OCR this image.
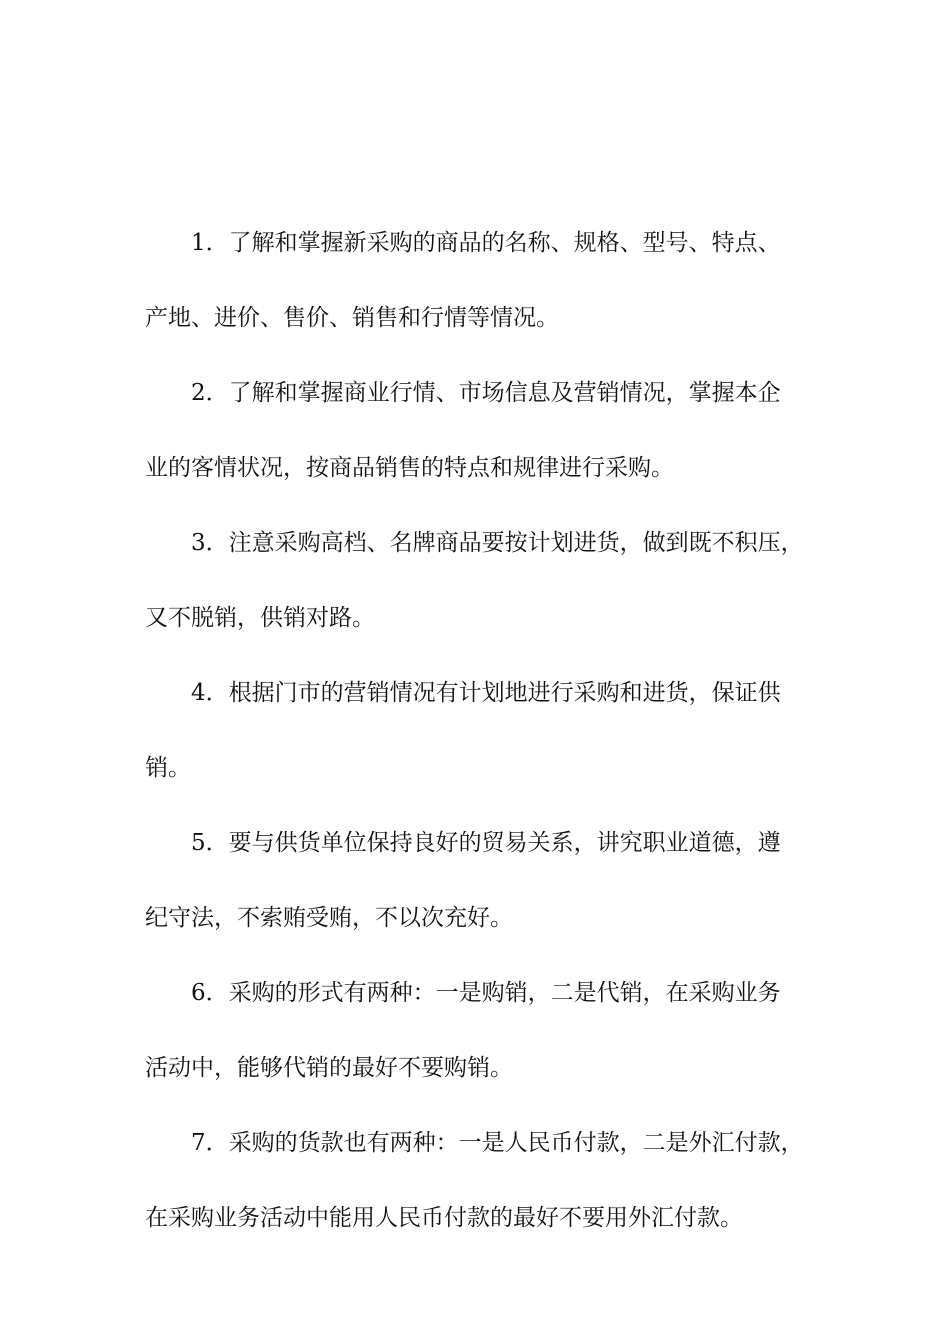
1．了解和掌握新采购的商品的名称、规格、型号、特点、
产地、进价、售价、销售和行情等情况。
2．了解和掌握商业行情、市场信息及营销情况，掌握本企
业的客情状况，按商品销售的特点和规律进行采购。
3．注意采购高档、名牌商品要按计划进货，做到既不积压，
又不脱销，供销对路。
4．根据门市的营销情况有计划地进行采购和进货，保证供
销。
5．要与供货单位保持良好的贸易关系，讲究职业道德，遵
纪守法，不索贿受贿，不以次充好。
6．采购的形式有两种：一是购销，二是代销，在采购业务
活动中，能够代销的最好不要购销。
7．采购的货款也有两种：一是人民币付款，二是外汇付款，
在采购业务活动中能用人民币付款的最好不要用外汇付款。
